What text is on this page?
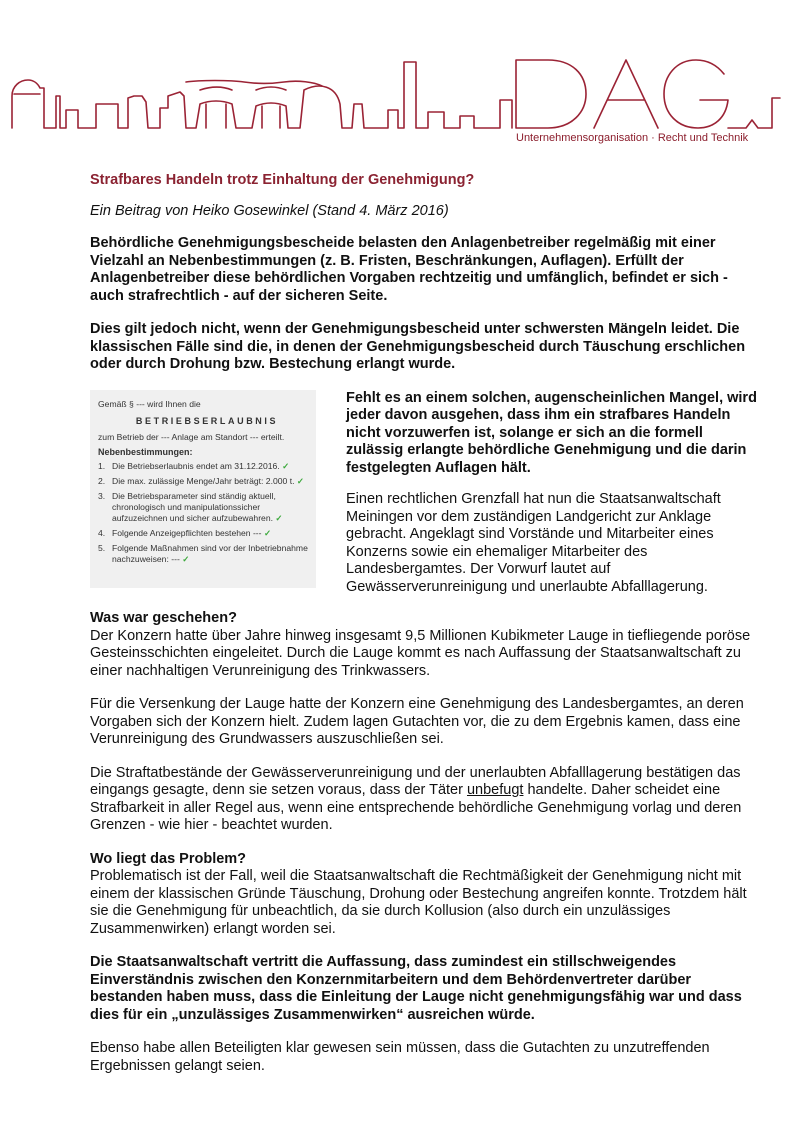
Unternehmensorganisation · Recht und Technik
Strafbares Handeln trotz Einhaltung der Genehmigung?
Ein Beitrag von Heiko Gosewinkel (Stand 4. März 2016)

Behördliche Genehmigungsbescheide belasten den Anlagenbetreiber regelmäßig mit einer Vielzahl an Nebenbestimmungen (z. B. Fristen, Beschränkungen, Auflagen). Erfüllt der Anlagenbetreiber diese behördlichen Vorgaben rechtzeitig und umfänglich, befindet er sich - auch strafrechtlich - auf der sicheren Seite.

Dies gilt jedoch nicht, wenn der Genehmigungsbescheid unter schwersten Mängeln leidet. Die klassischen Fälle sind die, in denen der Genehmigungsbescheid durch Täuschung erschlichen oder durch Drohung bzw. Bestechung erlangt wurde.

Gemäß § --- wird Ihnen die
BETRIEBSERLAUBNIS
zum Betrieb der --- Anlage am Standort --- erteilt.
Nebenbestimmungen:
1. Die Betriebserlaubnis endet am 31.12.2016. ✓
2. Die max. zulässige Menge/Jahr beträgt: 2.000 t. ✓
3. Die Betriebsparameter sind ständig aktuell, chronologisch und manipulationssicher aufzuzeichnen und sicher aufzubewahren. ✓
4. Folgende Anzeigepflichten bestehen --- ✓
5. Folgende Maßnahmen sind vor der Inbetriebnahme nachzuweisen: --- ✓

Fehlt es an einem solchen, augenscheinlichen Mangel, wird jeder davon ausgehen, dass ihm ein strafbares Handeln nicht vorzuwerfen ist, solange er sich an die formell zulässig erlangte behördliche Genehmigung und die darin festgelegten Auflagen hält.

Einen rechtlichen Grenzfall hat nun die Staatsanwaltschaft Meiningen vor dem zuständigen Landgericht zur Anklage gebracht. Angeklagt sind Vorstände und Mitarbeiter eines Konzerns sowie ein ehemaliger Mitarbeiter des Landesbergamtes. Der Vorwurf lautet auf Gewässerverunreinigung und unerlaubte Abfalllagerung.

Was war geschehen?

Der Konzern hatte über Jahre hinweg insgesamt 9,5 Millionen Kubikmeter Lauge in tiefliegende poröse Gesteinsschichten eingeleitet. Durch die Lauge kommt es nach Auffassung der Staatsanwaltschaft zu einer nachhaltigen Verunreinigung des Trinkwassers.

Für die Versenkung der Lauge hatte der Konzern eine Genehmigung des Landesbergamtes, an deren Vorgaben sich der Konzern hielt. Zudem lagen Gutachten vor, die zu dem Ergebnis kamen, dass eine Verunreinigung des Grundwassers auszuschließen sei.

Die Straftatbestände der Gewässerverunreinigung und der unerlaubten Abfalllagerung bestätigen das eingangs gesagte, denn sie setzen voraus, dass der Täter unbefugt handelte. Daher scheidet eine Strafbarkeit in aller Regel aus, wenn eine entsprechende behördliche Genehmigung vorlag und deren Grenzen - wie hier - beachtet wurden.

Wo liegt das Problem?

Problematisch ist der Fall, weil die Staatsanwaltschaft die Rechtmäßigkeit der Genehmigung nicht mit einem der klassischen Gründe Täuschung, Drohung oder Bestechung angreifen konnte. Trotzdem hält sie die Genehmigung für unbeachtlich, da sie durch Kollusion (also durch ein unzulässiges Zusammenwirken) erlangt worden sei.

Die Staatsanwaltschaft vertritt die Auffassung, dass zumindest ein stillschweigendes Einverständnis zwischen den Konzernmitarbeitern und dem Behördenvertreter darüber bestanden haben muss, dass die Einleitung der Lauge nicht genehmigungsfähig war und dass dies für ein „unzulässiges Zusammenwirken“ ausreichen würde.

Ebenso habe allen Beteiligten klar gewesen sein müssen, dass die Gutachten zu unzutreffenden Ergebnissen gelangt seien.
